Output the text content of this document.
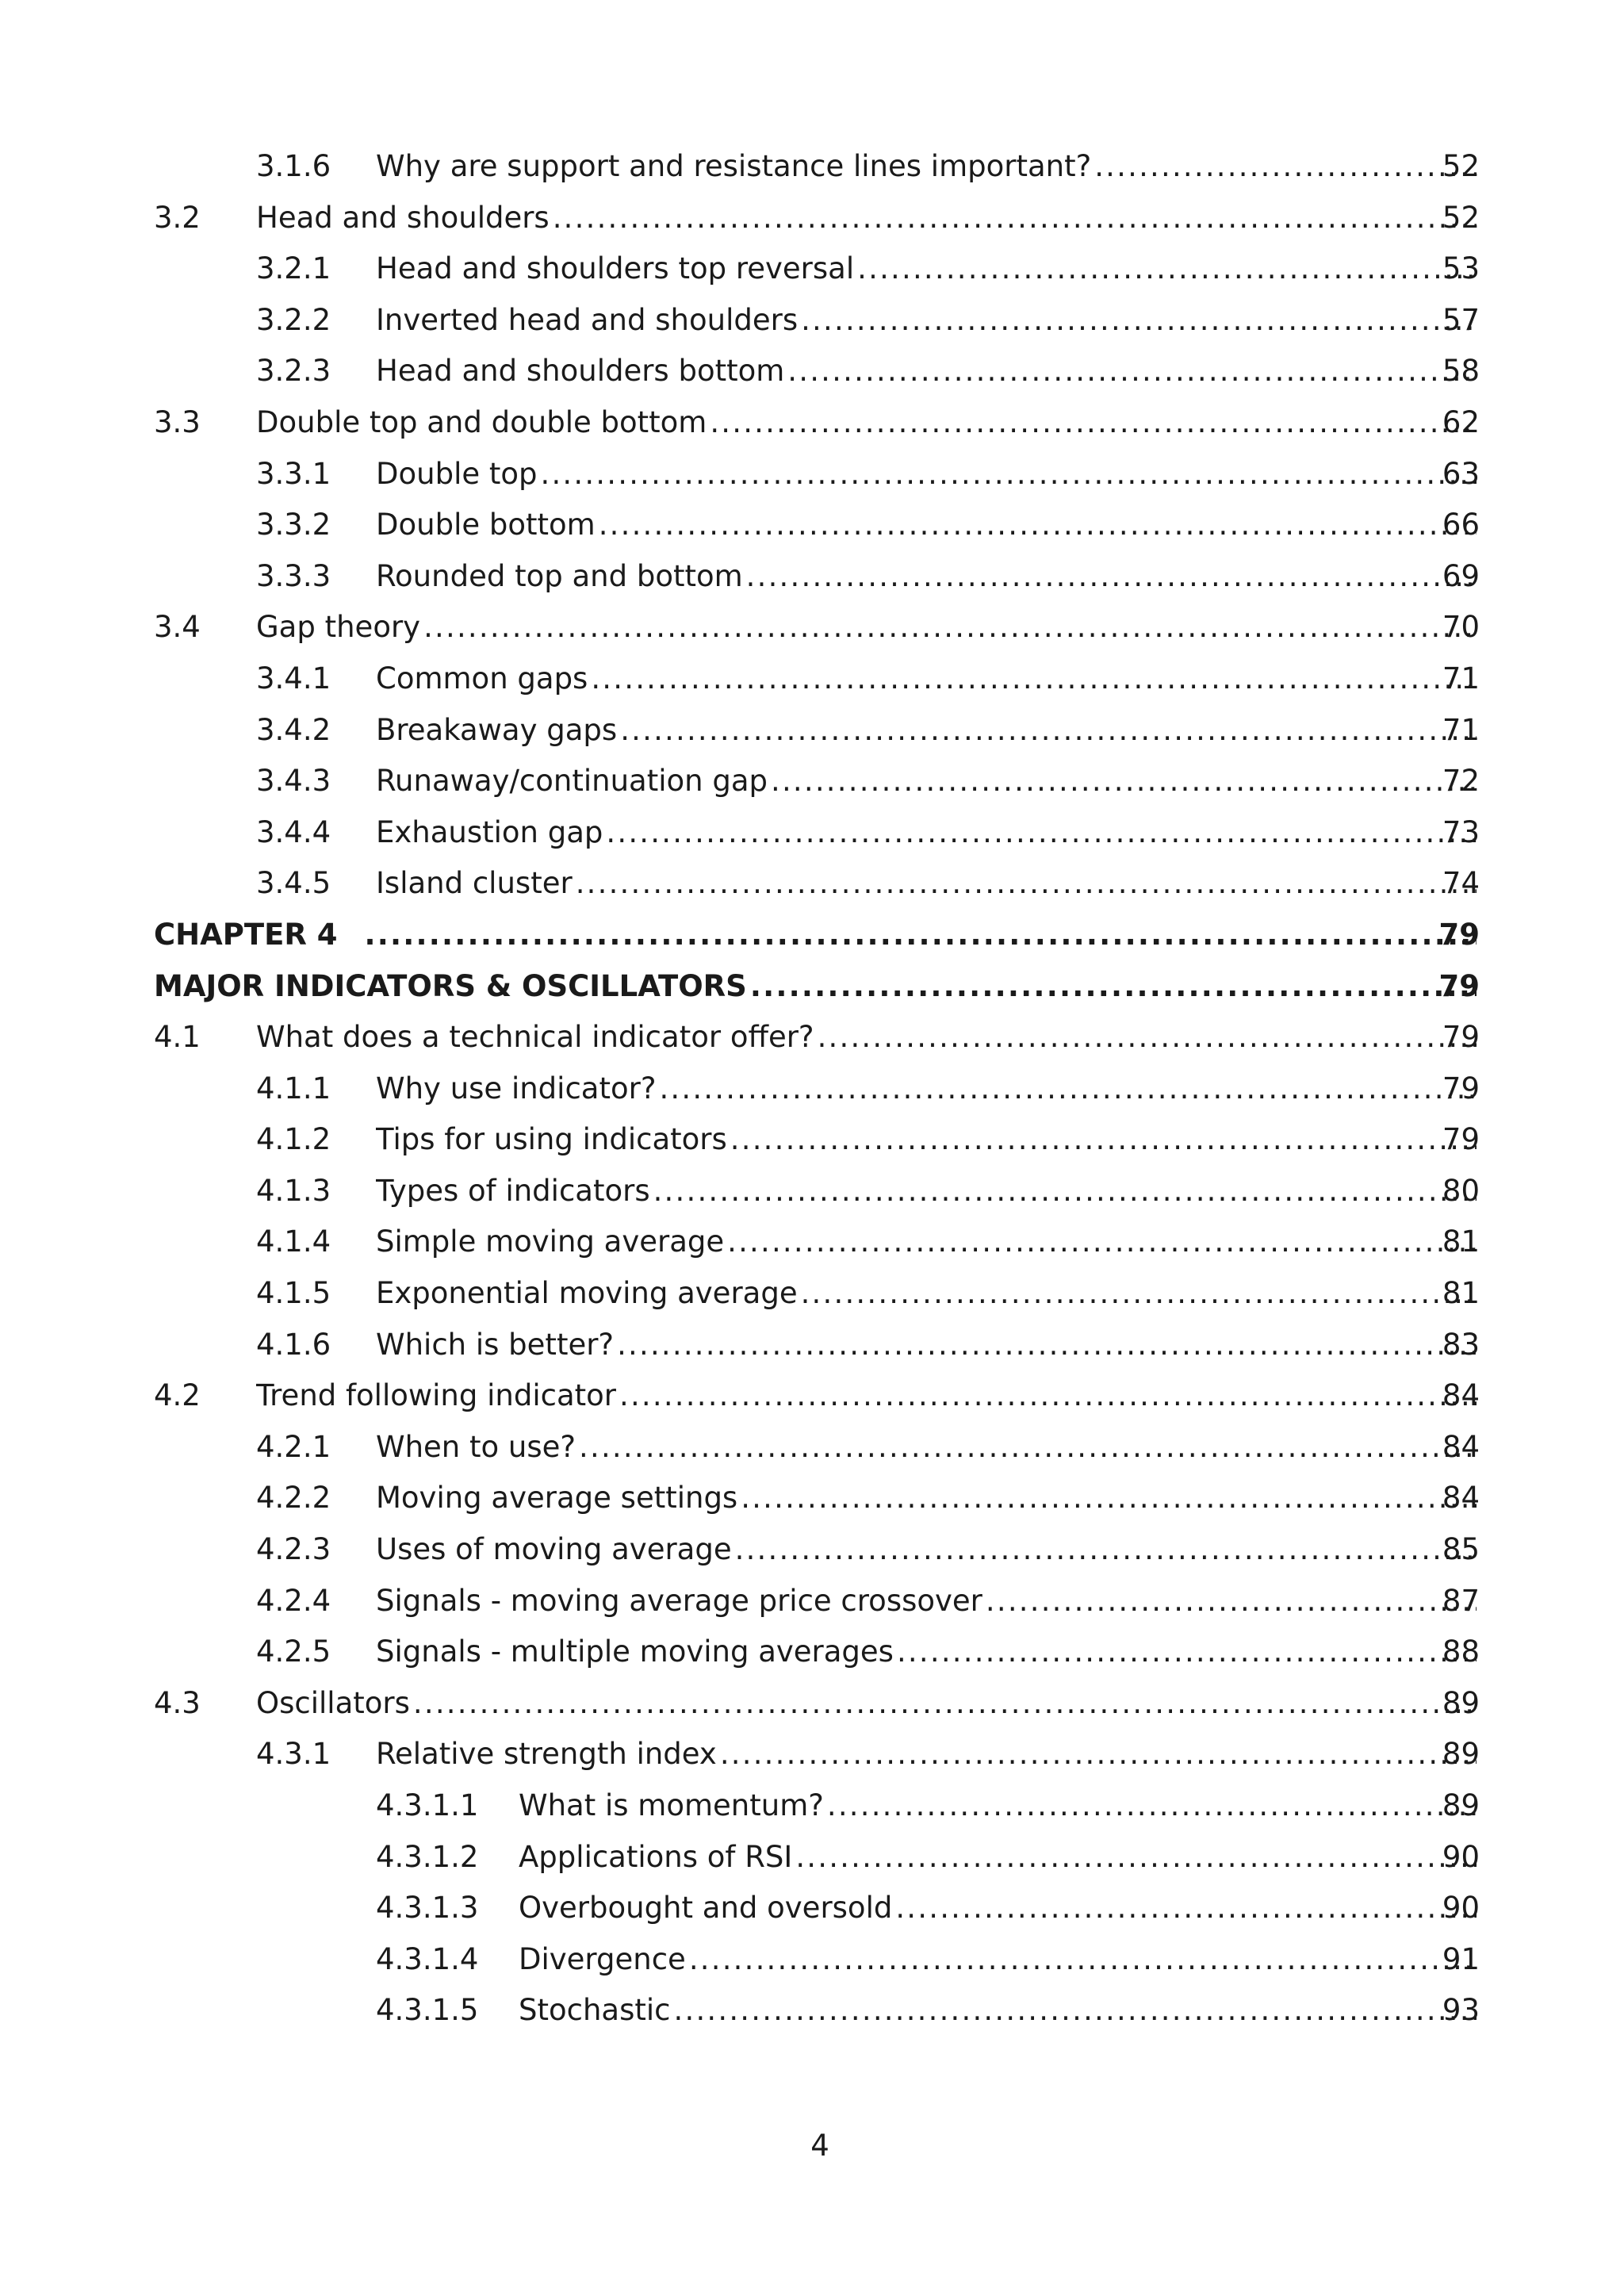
3.1.6 Why are support and resistance lines important? .....	52
3.2 Head and shoulders .....	52
3.2.1 Head and shoulders top reversal .....	53
3.2.2 Inverted head and shoulders .....	57
3.2.3 Head and shoulders bottom .....	58
3.3 Double top and double bottom .....	62
3.3.1 Double top .....	63
3.3.2 Double bottom .....	66
3.3.3 Rounded top and bottom .....	69
3.4 Gap theory .....	70
3.4.1 Common gaps .....	71
3.4.2 Breakaway gaps .....	71
3.4.3 Runaway/continuation gap .....	72
3.4.4 Exhaustion gap .....	73
3.4.5 Island cluster .....	74
CHAPTER 4 .....	79
MAJOR INDICATORS & OSCILLATORS .....	79
4.1 What does a technical indicator offer? .....	79
4.1.1 Why use indicator? .....	79
4.1.2 Tips for using indicators .....	79
4.1.3 Types of indicators .....	80
4.1.4 Simple moving average .....	81
4.1.5 Exponential moving average .....	81
4.1.6 Which is better? .....	83
4.2 Trend following indicator .....	84
4.2.1 When to use? .....	84
4.2.2 Moving average settings .....	84
4.2.3 Uses of moving average .....	85
4.2.4 Signals - moving average price crossover .....	87
4.2.5 Signals - multiple moving averages .....	88
4.3 Oscillators .....	89
4.3.1 Relative strength index .....	89
4.3.1.1 What is momentum? .....	89
4.3.1.2 Applications of RSI .....	90
4.3.1.3 Overbought and oversold .....	90
4.3.1.4 Divergence .....	91
4.3.1.5 Stochastic .....	93
4
